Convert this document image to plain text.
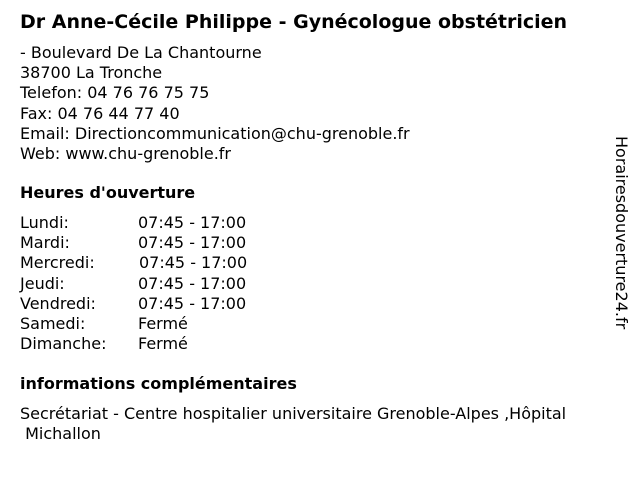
Dr Anne-Cécile Philippe - Gynécologue obstétricien
- Boulevard De La Chantourne
38700 La Tronche
Telefon: 04 76 76 75 75
Fax: 04 76 44 77 40
Email: Directioncommunication@chu-grenoble.fr
Web: www.chu-grenoble.fr
Heures d'ouverture
Lundi:	07:45 - 17:00
Mardi:	07:45 - 17:00
Mercredi:	07:45 - 17:00
Jeudi:	07:45 - 17:00
Vendredi:	07:45 - 17:00
Samedi:	Fermé
Dimanche: Fermé
informations complémentaires
Secrétariat - Centre hospitalier universitaire Grenoble-Alpes ,Hôpital
Michallon
Horairesdouverture24.fr
